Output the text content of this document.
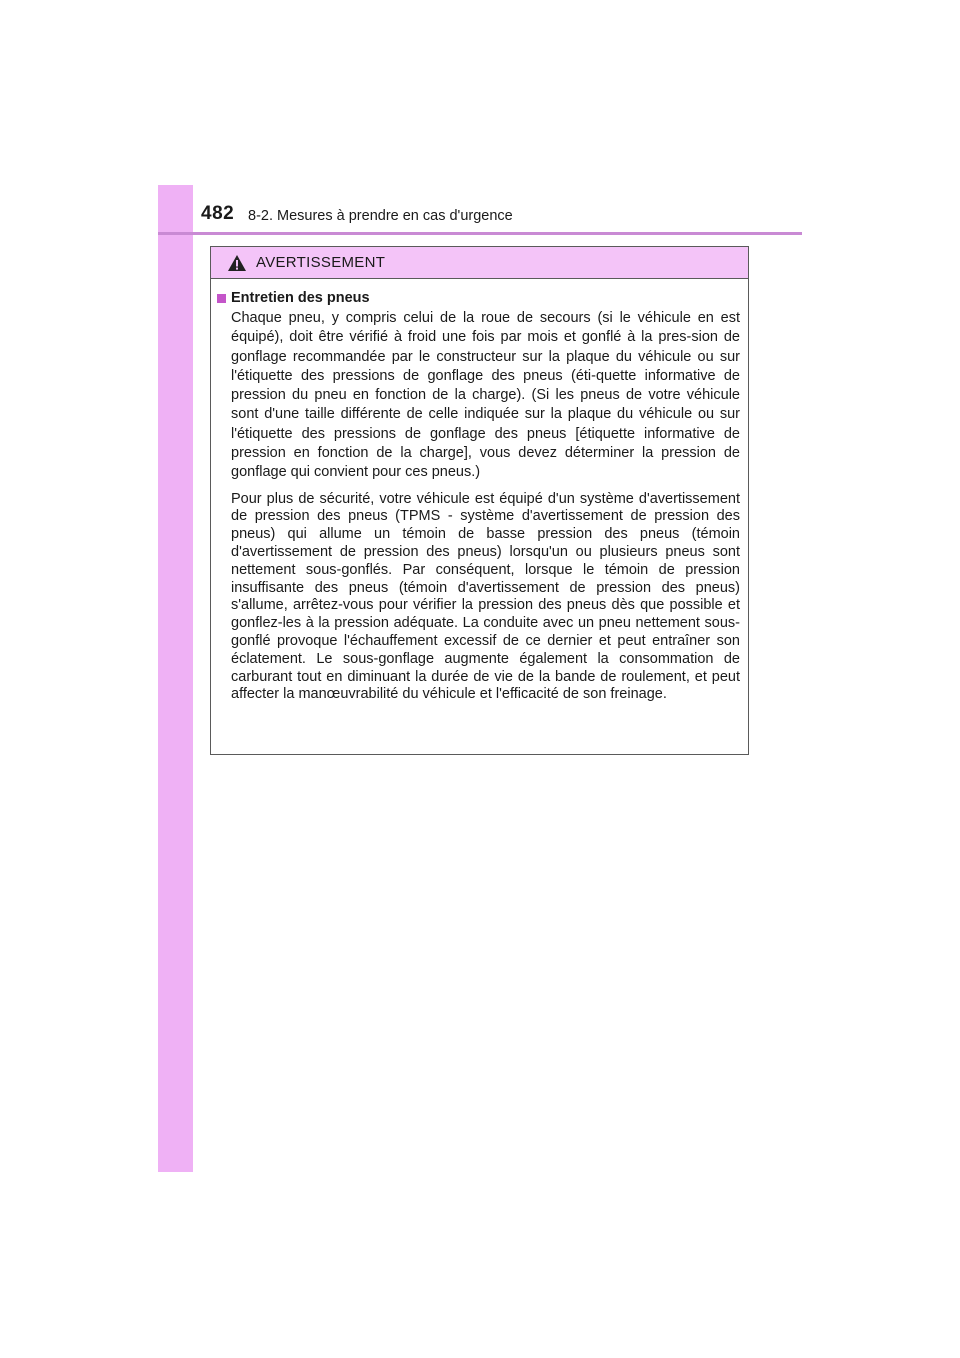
482 8-2. Mesures à prendre en cas d'urgence
AVERTISSEMENT
Entretien des pneus

Chaque pneu, y compris celui de la roue de secours (si le véhicule en est équipé), doit être vérifié à froid une fois par mois et gonflé à la pres-sion de gonflage recommandée par le constructeur sur la plaque du véhicule ou sur l'étiquette des pressions de gonflage des pneus (éti-quette informative de pression du pneu en fonction de la charge). (Si les pneus de votre véhicule sont d'une taille différente de celle indiquée sur la plaque du véhicule ou sur l'étiquette des pressions de gonflage des pneus [étiquette informative de pression en fonction de la charge], vous devez déterminer la pression de gonflage qui convient pour ces pneus.)

Pour plus de sécurité, votre véhicule est équipé d'un système d'avertissement de pression des pneus (TPMS - système d'avertissement de pression des pneus) qui allume un témoin de basse pression des pneus (témoin d'avertissement de pression des pneus) lorsqu'un ou plusieurs pneus sont nettement sous-gonflés. Par conséquent, lorsque le témoin de pression insuffisante des pneus (témoin d'avertissement de pression des pneus) s'allume, arrêtez-vous pour vérifier la pression des pneus dès que possible et gonflez-les à la pression adéquate. La conduite avec un pneu nettement sous-gonflé provoque l'échauffement excessif de ce dernier et peut entraîner son éclatement. Le sous-gonflage augmente également la consommation de carburant tout en diminuant la durée de vie de la bande de roulement, et peut affecter la manœuvrabilité du véhicule et l'efficacité de son freinage.
